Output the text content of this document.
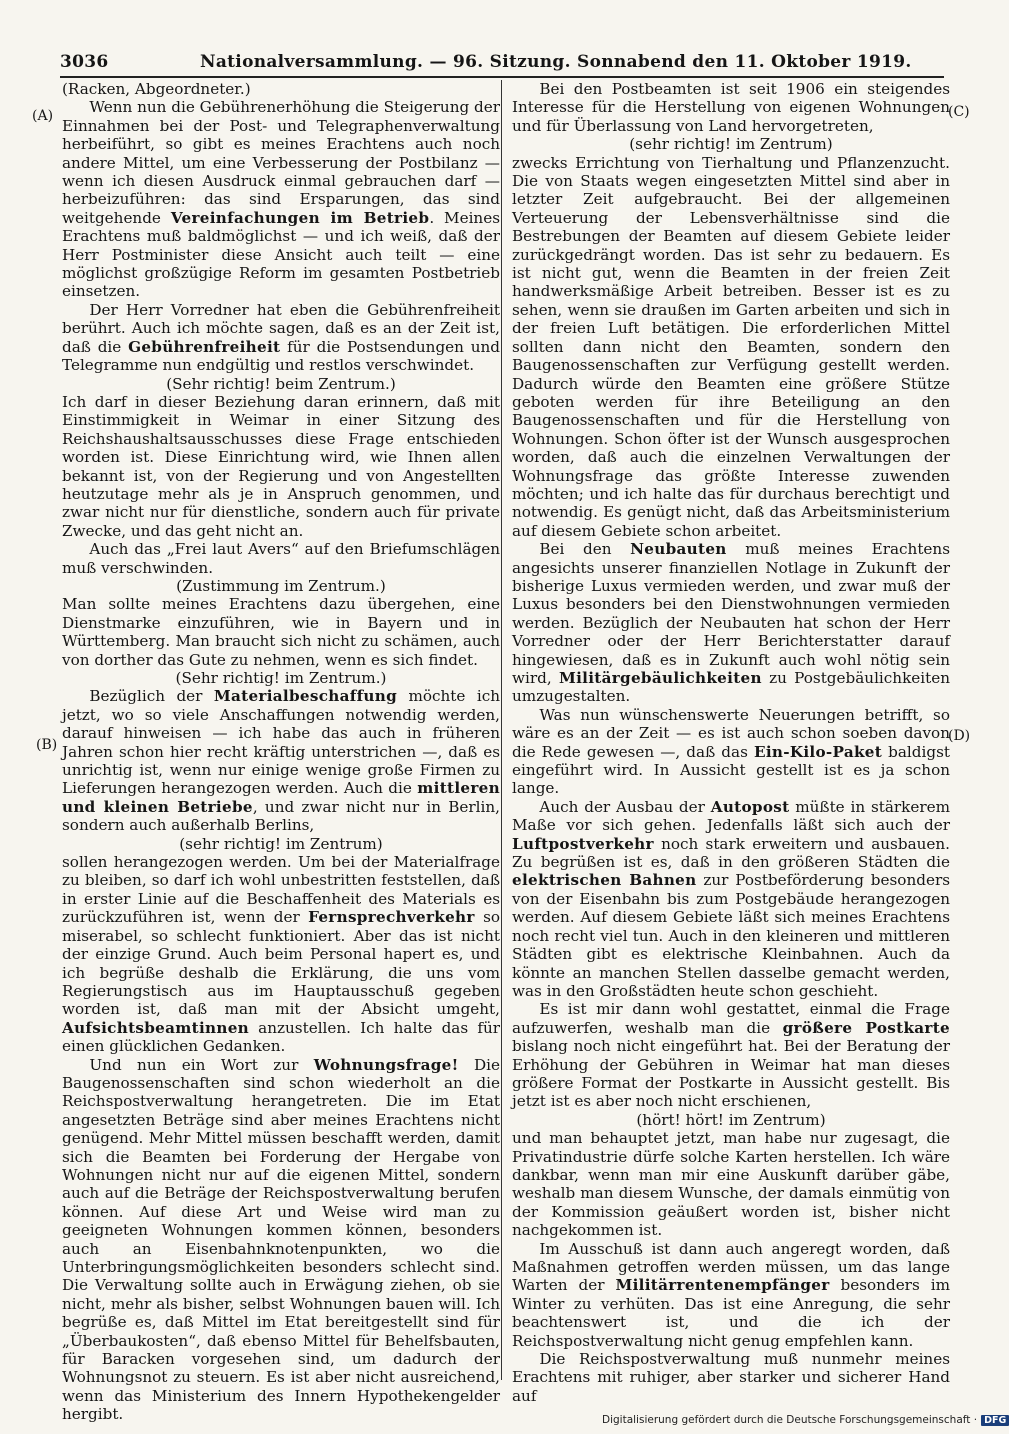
3036	Nationalversammlung. — 96. Sitzung. Sonnabend den 11. Oktober 1919.
(A)
(B)
(C)
(D)

(Racken, Abgeordneter.)

Wenn nun die Gebührenerhöhung die Steigerung der Einnahmen bei der Post- und Telegraphenverwaltung herbeiführt, so gibt es meines Erachtens auch noch andere Mittel, um eine Verbesserung der Postbilanz — wenn ich diesen Ausdruck einmal gebrauchen darf — herbeizuführen: das sind Ersparungen, das sind weitgehende Vereinfachungen im Betrieb. Meines Erachtens muß baldmöglichst — und ich weiß, daß der Herr Postminister diese Ansicht auch teilt — eine möglichst großzügige Reform im gesamten Postbetrieb einsetzen.

Der Herr Vorredner hat eben die Gebührenfreiheit berührt. Auch ich möchte sagen, daß es an der Zeit ist, daß die Gebührenfreiheit für die Postsendungen und Telegramme nun endgültig und restlos verschwindet.

(Sehr richtig! beim Zentrum.)

Ich darf in dieser Beziehung daran erinnern, daß mit Einstimmigkeit in Weimar in einer Sitzung des Reichshaushaltsausschusses diese Frage entschieden worden ist. Diese Einrichtung wird, wie Ihnen allen bekannt ist, von der Regierung und von Angestellten heutzutage mehr als je in Anspruch genommen, und zwar nicht nur für dienstliche, sondern auch für private Zwecke, und das geht nicht an.

Auch das „Frei laut Avers“ auf den Briefumschlägen muß verschwinden.

(Zustimmung im Zentrum.)

Man sollte meines Erachtens dazu übergehen, eine Dienstmarke einzuführen, wie in Bayern und in Württemberg. Man braucht sich nicht zu schämen, auch von dorther das Gute zu nehmen, wenn es sich findet.

(Sehr richtig! im Zentrum.)

Bezüglich der Materialbeschaffung möchte ich jetzt, wo so viele Anschaffungen notwendig werden, darauf hinweisen — ich habe das auch in früheren Jahren schon hier recht kräftig unterstrichen —, daß es unrichtig ist, wenn nur einige wenige große Firmen zu Lieferungen herangezogen werden. Auch die mittleren und kleinen Betriebe, und zwar nicht nur in Berlin, sondern auch außerhalb Berlins,

(sehr richtig! im Zentrum)

sollen herangezogen werden. Um bei der Materialfrage zu bleiben, so darf ich wohl unbestritten feststellen, daß in erster Linie auf die Beschaffenheit des Materials es zurückzuführen ist, wenn der Fernsprechverkehr so miserabel, so schlecht funktioniert. Aber das ist nicht der einzige Grund. Auch beim Personal hapert es, und ich begrüße deshalb die Erklärung, die uns vom Regierungstisch aus im Hauptausschuß gegeben worden ist, daß man mit der Absicht umgeht, Aufsichtsbeamtinnen anzustellen. Ich halte das für einen glücklichen Gedanken.

Und nun ein Wort zur Wohnungsfrage! Die Baugenossenschaften sind schon wiederholt an die Reichspostverwaltung herangetreten. Die im Etat angesetzten Beträge sind aber meines Erachtens nicht genügend. Mehr Mittel müssen beschafft werden, damit sich die Beamten bei Forderung der Hergabe von Wohnungen nicht nur auf die eigenen Mittel, sondern auch auf die Beträge der Reichspostverwaltung berufen können. Auf diese Art und Weise wird man zu geeigneten Wohnungen kommen können, besonders auch an Eisenbahnknotenpunkten, wo die Unterbringungsmöglichkeiten besonders schlecht sind. Die Verwaltung sollte auch in Erwägung ziehen, ob sie nicht, mehr als bisher, selbst Wohnungen bauen will. Ich begrüße es, daß Mittel im Etat bereitgestellt sind für „Überbaukosten“, daß ebenso Mittel für Behelfsbauten, für Baracken vorgesehen sind, um dadurch der Wohnungsnot zu steuern. Es ist aber nicht ausreichend, wenn das Ministerium des Innern Hypothekengelder hergibt.

Bei den Postbeamten ist seit 1906 ein steigendes Interesse für die Herstellung von eigenen Wohnungen und für Überlassung von Land hervorgetreten,

(sehr richtig! im Zentrum)

zwecks Errichtung von Tierhaltung und Pflanzenzucht. Die von Staats wegen eingesetzten Mittel sind aber in letzter Zeit aufgebraucht. Bei der allgemeinen Verteuerung der Lebensverhältnisse sind die Bestrebungen der Beamten auf diesem Gebiete leider zurückgedrängt worden. Das ist sehr zu bedauern. Es ist nicht gut, wenn die Beamten in der freien Zeit handwerksmäßige Arbeit betreiben. Besser ist es zu sehen, wenn sie draußen im Garten arbeiten und sich in der freien Luft betätigen. Die erforderlichen Mittel sollten dann nicht den Beamten, sondern den Baugenossenschaften zur Verfügung gestellt werden. Dadurch würde den Beamten eine größere Stütze geboten werden für ihre Beteiligung an den Baugenossenschaften und für die Herstellung von Wohnungen. Schon öfter ist der Wunsch ausgesprochen worden, daß auch die einzelnen Verwaltungen der Wohnungsfrage das größte Interesse zuwenden möchten; und ich halte das für durchaus berechtigt und notwendig. Es genügt nicht, daß das Arbeitsministerium auf diesem Gebiete schon arbeitet.

Bei den Neubauten muß meines Erachtens angesichts unserer finanziellen Notlage in Zukunft der bisherige Luxus vermieden werden, und zwar muß der Luxus besonders bei den Dienstwohnungen vermieden werden. Bezüglich der Neubauten hat schon der Herr Vorredner oder der Herr Berichterstatter darauf hingewiesen, daß es in Zukunft auch wohl nötig sein wird, Militärgebäulichkeiten zu Postgebäulichkeiten umzugestalten.

Was nun wünschenswerte Neuerungen betrifft, so wäre es an der Zeit — es ist auch schon soeben davon die Rede gewesen —, daß das Ein-Kilo-Paket baldigst eingeführt wird. In Aussicht gestellt ist es ja schon lange.

Auch der Ausbau der Autopost müßte in stärkerem Maße vor sich gehen. Jedenfalls läßt sich auch der Luftpostverkehr noch stark erweitern und ausbauen. Zu begrüßen ist es, daß in den größeren Städten die elektrischen Bahnen zur Postbeförderung besonders von der Eisenbahn bis zum Postgebäude herangezogen werden. Auf diesem Gebiete läßt sich meines Erachtens noch recht viel tun. Auch in den kleineren und mittleren Städten gibt es elektrische Kleinbahnen. Auch da könnte an manchen Stellen dasselbe gemacht werden, was in den Großstädten heute schon geschieht.

Es ist mir dann wohl gestattet, einmal die Frage aufzuwerfen, weshalb man die größere Postkarte bislang noch nicht eingeführt hat. Bei der Beratung der Erhöhung der Gebühren in Weimar hat man dieses größere Format der Postkarte in Aussicht gestellt. Bis jetzt ist es aber noch nicht erschienen,

(hört! hört! im Zentrum)

und man behauptet jetzt, man habe nur zugesagt, die Privatindustrie dürfe solche Karten herstellen. Ich wäre dankbar, wenn man mir eine Auskunft darüber gäbe, weshalb man diesem Wunsche, der damals einmütig von der Kommission geäußert worden ist, bisher nicht nachgekommen ist.

Im Ausschuß ist dann auch angeregt worden, daß Maßnahmen getroffen werden müssen, um das lange Warten der Militärrentenempfänger besonders im Winter zu verhüten. Das ist eine Anregung, die sehr beachtenswert ist, und die ich der Reichspostverwaltung nicht genug empfehlen kann.

Die Reichspostverwaltung muß nunmehr meines Erachtens mit ruhiger, aber starker und sicherer Hand auf

Digitalisierung gefördert durch die Deutsche Forschungsgemeinschaft · DFG
